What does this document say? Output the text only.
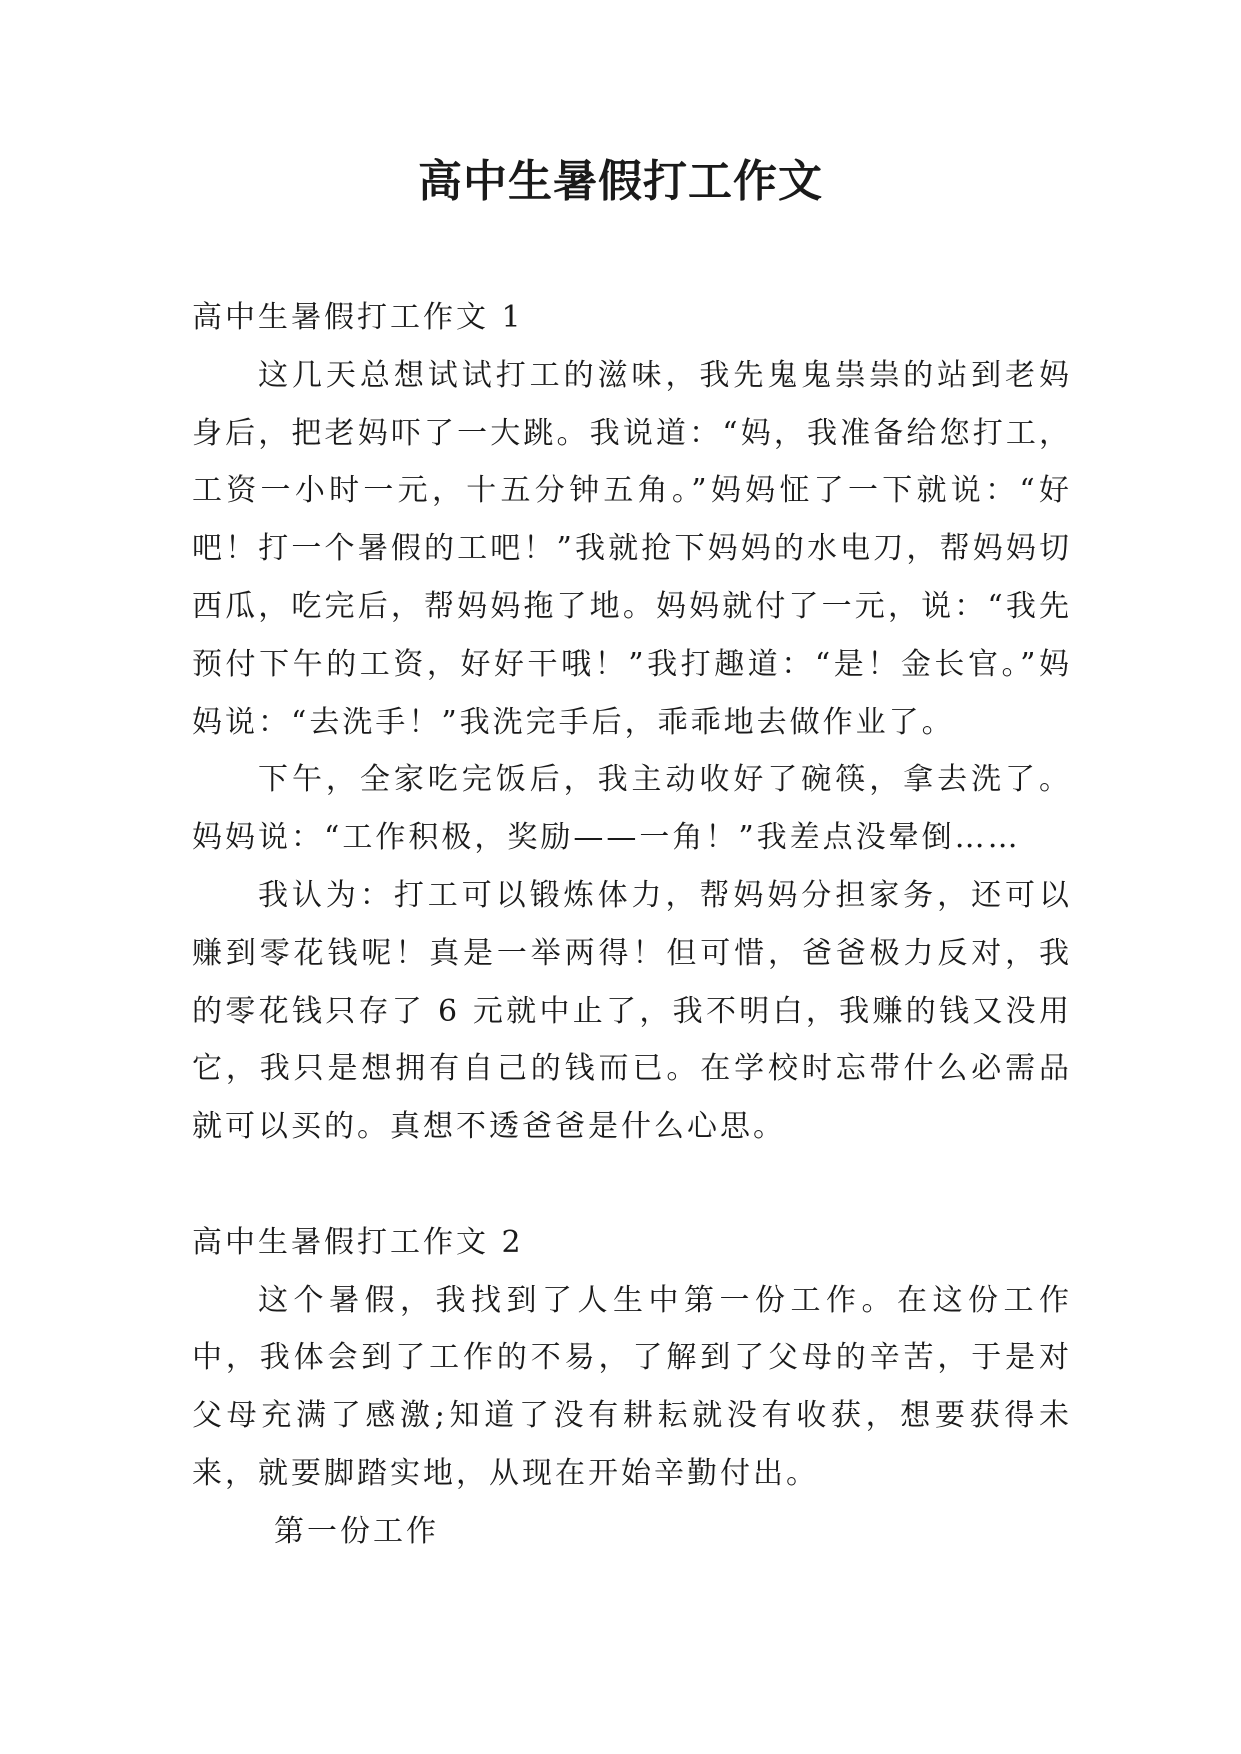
高中生暑假打工作文
高中生暑假打工作文 1

这几天总想试试打工的滋味，我先鬼鬼祟祟的站到老妈身后，把老妈吓了一大跳。我说道：“妈，我准备给您打工，工资一小时一元，十五分钟五角。”妈妈怔了一下就说：“好吧！打一个暑假的工吧！”我就抢下妈妈的水电刀，帮妈妈切西瓜，吃完后，帮妈妈拖了地。妈妈就付了一元，说：“我先预付下午的工资，好好干哦！”我打趣道：“是！金长官。”妈妈说：“去洗手！”我洗完手后，乖乖地去做作业了。

下午，全家吃完饭后，我主动收好了碗筷，拿去洗了。妈妈说：“工作积极，奖励——一角！”我差点没晕倒……

我认为：打工可以锻炼体力，帮妈妈分担家务，还可以赚到零花钱呢！真是一举两得！但可惜，爸爸极力反对，我的零花钱只存了 6 元就中止了，我不明白，我赚的钱又没用它，我只是想拥有自己的钱而已。在学校时忘带什么必需品就可以买的。真想不透爸爸是什么心思。

高中生暑假打工作文 2

这个暑假，我找到了人生中第一份工作。在这份工作中，我体会到了工作的不易，了解到了父母的辛苦，于是对父母充满了感激;知道了没有耕耘就没有收获，想要获得未来，就要脚踏实地，从现在开始辛勤付出。

第一份工作
